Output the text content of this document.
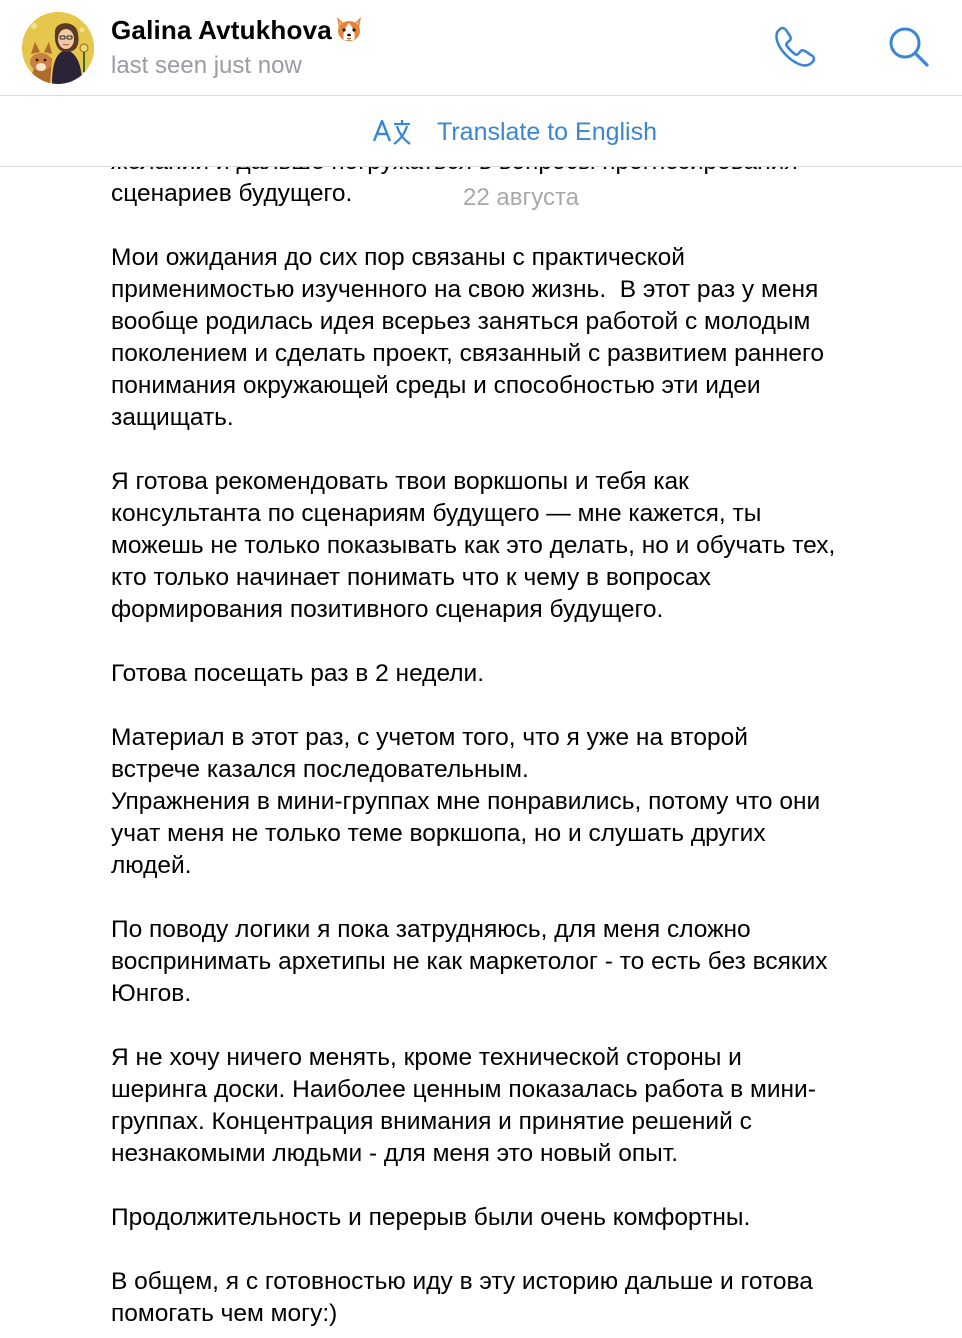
сценариев будущего.	22 августа
Мои ожидания до сих пор связаны с практической
применимостью изученного на свою жизнь.  В этот раз у меня
вообще родилась идея всерьез заняться работой с молодым
поколением и сделать проект, связанный с развитием раннего
понимания окружающей среды и способностью эти идеи
защищать.
Я готова рекомендовать твои воркшопы и тебя как
консультанта по сценариям будущего — мне кажется, ты
можешь не только показывать как это делать, но и обучать тех,
кто только начинает понимать что к чему в вопросах
формирования позитивного сценария будущего.
Готова посещать раз в 2 недели.
Материал в этот раз, с учетом того, что я уже на второй
встрече казался последовательным.
Упражнения в мини-группах мне понравились, потому что они
учат меня не только теме воркшопа, но и слушать других
людей.
По поводу логики я пока затрудняюсь, для меня сложно
воспринимать архетипы не как маркетолог - то есть без всяких
Юнгов.
Я не хочу ничего менять, кроме технической стороны и
шеринга доски. Наиболее ценным показалась работа в мини-
группах. Концентрация внимания и принятие решений с
незнакомыми людьми - для меня это новый опыт.
Продолжительность и перерыв были очень комфортны.
В общем, я с готовностью иду в эту историю дальше и готова
помогать чем могу:)
Galina Avtukhova
last seen just now
Translate to English
